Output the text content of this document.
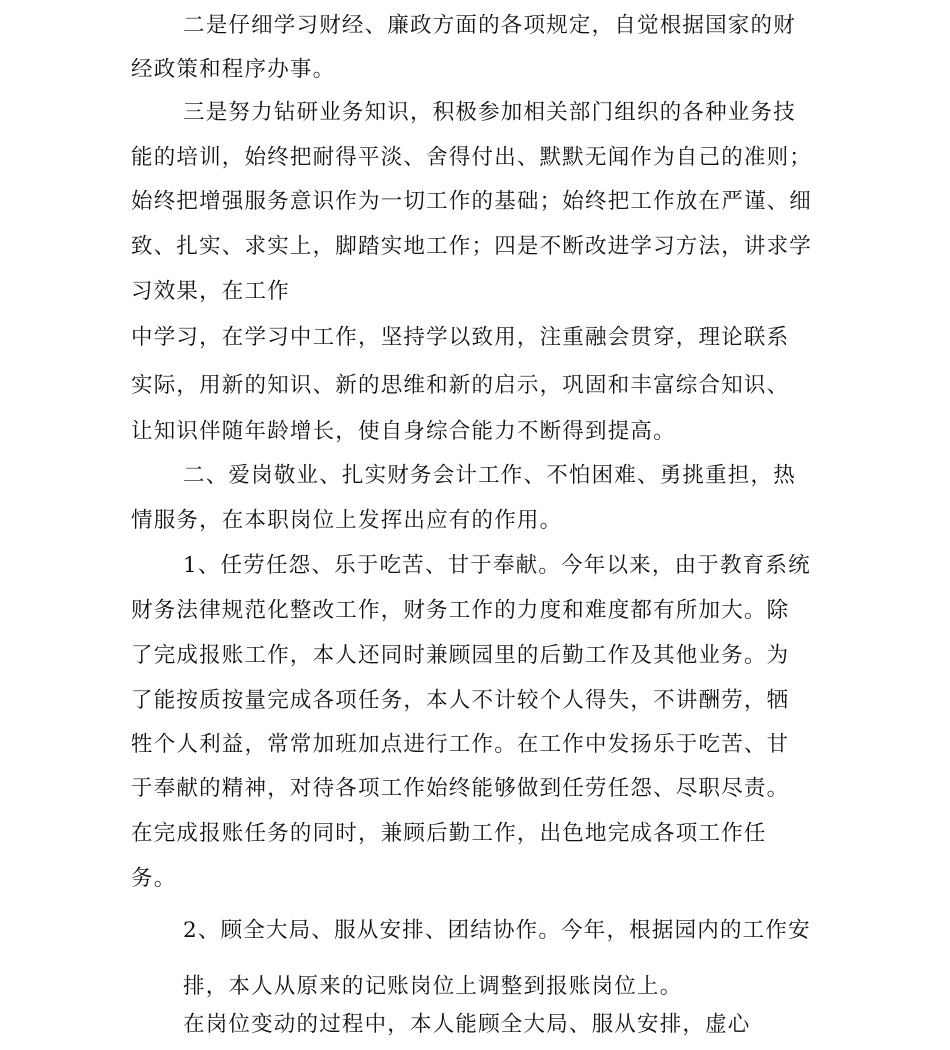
二是仔细学习财经、廉政方面的各项规定，自觉根据国家的财
经政策和程序办事。
三是努力钻研业务知识，积极参加相关部门组织的各种业务技
能的培训，始终把耐得平淡、舍得付出、默默无闻作为自己的准则；
始终把增强服务意识作为一切工作的基础；始终把工作放在严谨、细
致、扎实、求实上，脚踏实地工作；四是不断改进学习方法，讲求学
习效果，在工作
中学习，在学习中工作，坚持学以致用，注重融会贯穿，理论联系
实际，用新的知识、新的思维和新的启示，巩固和丰富综合知识、
让知识伴随年龄增长，使自身综合能力不断得到提高。
二、爱岗敬业、扎实财务会计工作、不怕困难、勇挑重担，热
情服务，在本职岗位上发挥出应有的作用。
1、任劳任怨、乐于吃苦、甘于奉献。今年以来，由于教育系统
财务法律规范化整改工作，财务工作的力度和难度都有所加大。除
了完成报账工作，本人还同时兼顾园里的后勤工作及其他业务。为
了能按质按量完成各项任务，本人不计较个人得失，不讲酬劳，牺
牲个人利益，常常加班加点进行工作。在工作中发扬乐于吃苦、甘
于奉献的精神，对待各项工作始终能够做到任劳任怨、尽职尽责。
在完成报账任务的同时，兼顾后勤工作，出色地完成各项工作任
务。
2、顾全大局、服从安排、团结协作。今年，根据园内的工作安
排，本人从原来的记账岗位上调整到报账岗位上。
在岗位变动的过程中，本人能顾全大局、服从安排，虚心
